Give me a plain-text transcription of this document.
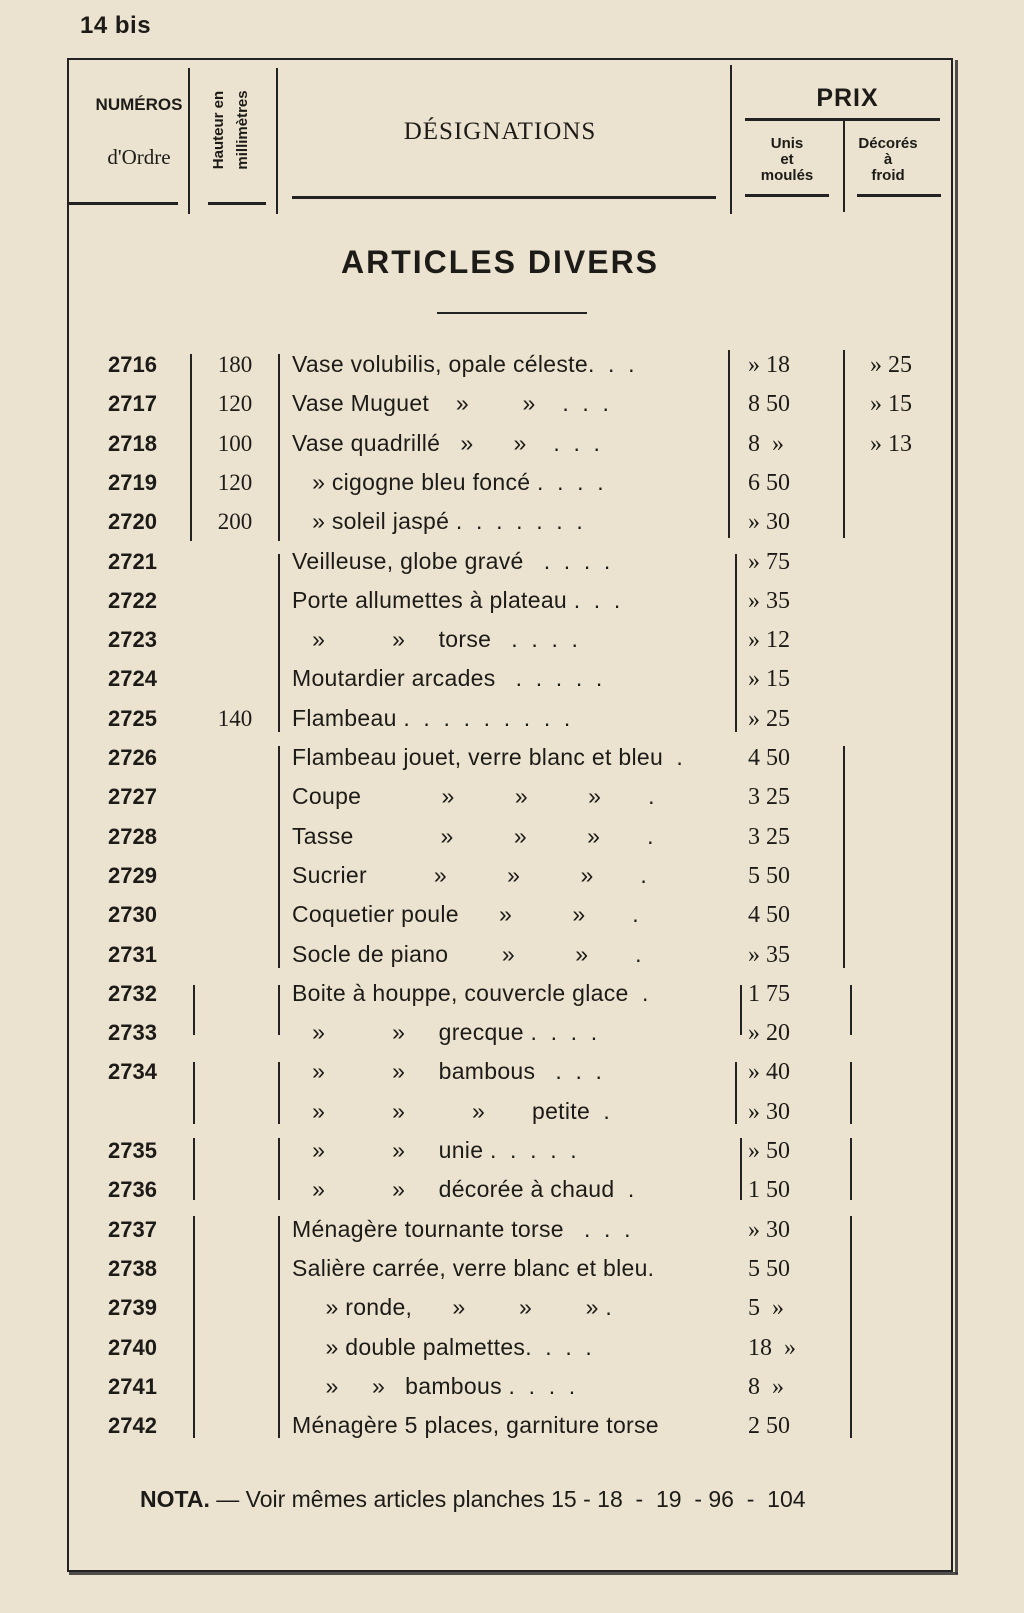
14 bis
NUMÉROS
d'Ordre	Hauteur en millimètres	DÉSIGNATIONS
PRIX
Unis
et
moulés
Décorés
à
froid
ARTICLES DIVERS
2716	180	Vase volubilis, opale céleste.  .  .	» 18	» 25
2717	120	Vase Muguet    »        »    .  .  .	8 50	» 15
2718	100	Vase quadrillé   »      »    .  .  .	8  »	» 13
2719	120	» cigogne bleu foncé .  .  .  .	6 50
2720	200	» soleil jaspé .  .  .  .  .  .  .	» 30
2721	Veilleuse, globe gravé   .  .  .  .	» 75
2722	Porte allumettes à plateau .  .  .	» 35
2723	»          »     torse   .  .  .  .	» 12
2724	Moutardier arcades   .  .  .  .  .	» 15
2725	140	Flambeau .  .  .  .  .  .  .  .  .	» 25
2726	Flambeau jouet, verre blanc et bleu  .	4 50
2727	Coupe            »         »         »       .	3 25
2728	Tasse             »         »         »       .	3 25
2729	Sucrier          »         »         »       .	5 50
2730	Coquetier poule      »         »       .	4 50
2731	Socle de piano        »         »       .	» 35
2732	Boite à houppe, couvercle glace  .	1 75
2733	»          »     grecque .  .  .  .	» 20
2734	»          »     bambous   .  .  .	» 40
»          »          »       petite  .	» 30
2735	»          »     unie .  .  .  .  .	» 50
2736	»          »     décorée à chaud  .	1 50
2737	Ménagère tournante torse   .  .  .	» 30
2738	Salière carrée, verre blanc et bleu.	5 50
2739	» ronde,      »        »        » .	5  »
2740	» double palmettes.  .  .  .	18  »
2741	»     »   bambous .  .  .  .	8  »
2742	Ménagère 5 places, garniture torse	2 50
NOTA. — Voir mêmes articles planches 15 - 18  -  19  - 96  -  104
